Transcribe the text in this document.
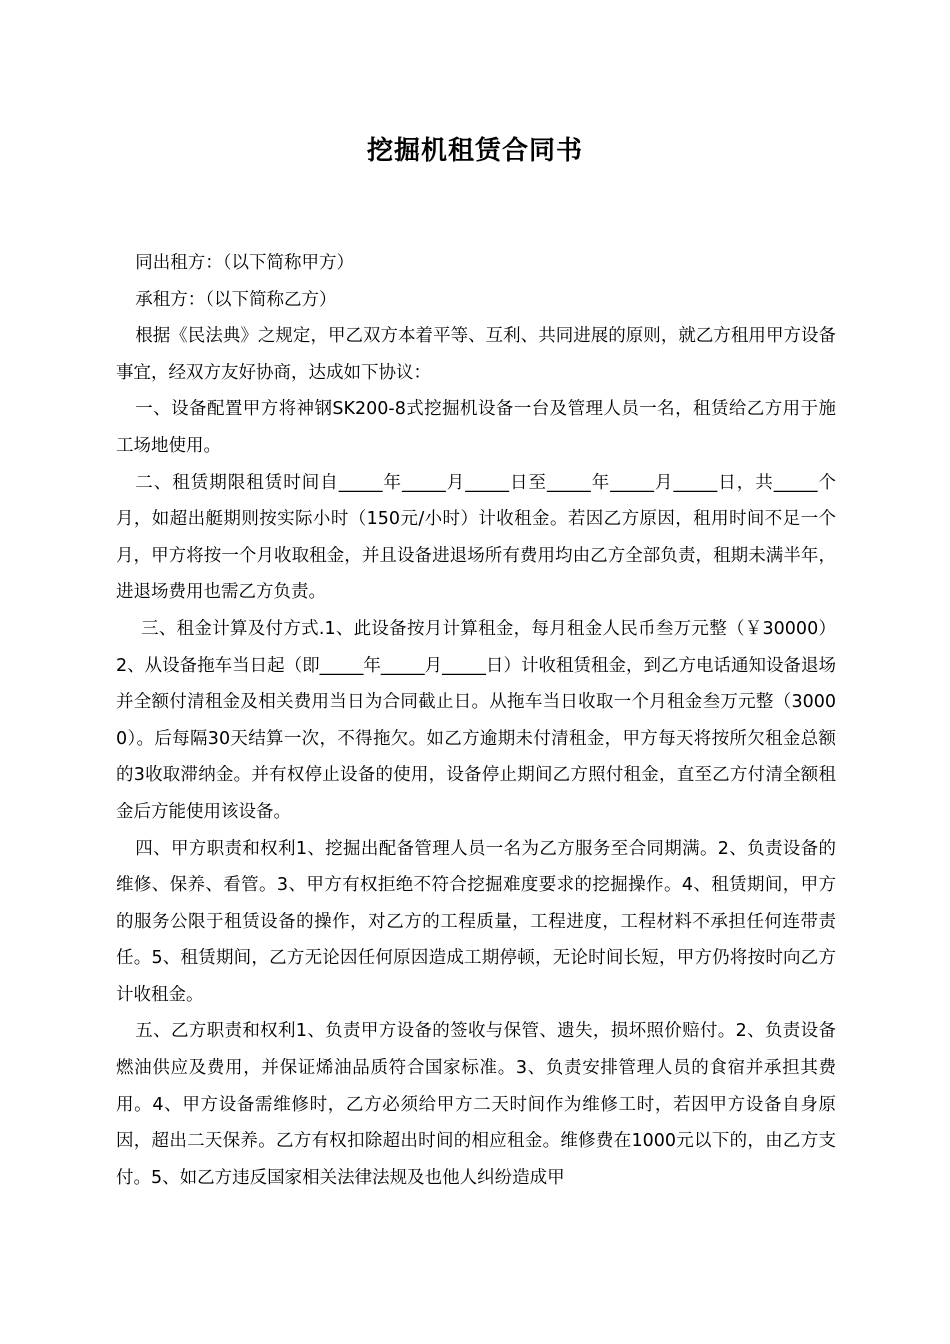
挖掘机租赁合同书

同出租方：（以下简称甲方）

承租方：（以下简称乙方）

根据《民法典》之规定，甲乙双方本着平等、互利、共同进展的原则，就乙方租用甲方设备事宜，经双方友好协商，达成如下协议：

一、设备配置甲方将神钢SK200-8式挖掘机设备一台及管理人员一名，租赁给乙方用于施工场地使用。

二、租赁期限租赁时间自_____年_____月_____日至_____年_____月_____日，共_____个月，如超出艇期则按实际小时（150元/小时）计收租金。若因乙方原因，租用时间不足一个月，甲方将按一个月收取租金，并且设备进退场所有费用均由乙方全部负责，租期未满半年，进退场费用也需乙方负责。

三、租金计算及付方式.1、此设备按月计算租金，每月租金人民币叁万元整（￥30000）2、从设备拖车当日起（即_____年_____月_____日）计收租赁租金，到乙方电话通知设备退场并全额付清租金及相关费用当日为合同截止日。从拖车当日收取一个月租金叁万元整（30000）。后每隔30天结算一次，不得拖欠。如乙方逾期未付清租金，甲方每天将按所欠租金总额的3收取滞纳金。并有权停止设备的使用，设备停止期间乙方照付租金，直至乙方付清全额租金后方能使用该设备。

四、甲方职责和权利1、挖掘出配备管理人员一名为乙方服务至合同期满。2、负责设备的维修、保养、看管。3、甲方有权拒绝不符合挖掘难度要求的挖掘操作。4、租赁期间，甲方的服务公限于租赁设备的操作，对乙方的工程质量，工程进度，工程材料不承担任何连带责任。5、租赁期间，乙方无论因任何原因造成工期停顿，无论时间长短，甲方仍将按时向乙方计收租金。

五、乙方职责和权利1、负责甲方设备的签收与保管、遗失，损坏照价赔付。2、负责设备燃油供应及费用，并保证烯油品质符合国家标准。3、负责安排管理人员的食宿并承担其费用。4、甲方设备需维修时，乙方必须给甲方二天时间作为维修工时，若因甲方设备自身原因，超出二天保养。乙方有权扣除超出时间的相应租金。维修费在1000元以下的，由乙方支付。5、如乙方违反国家相关法律法规及也他人纠纷造成甲
